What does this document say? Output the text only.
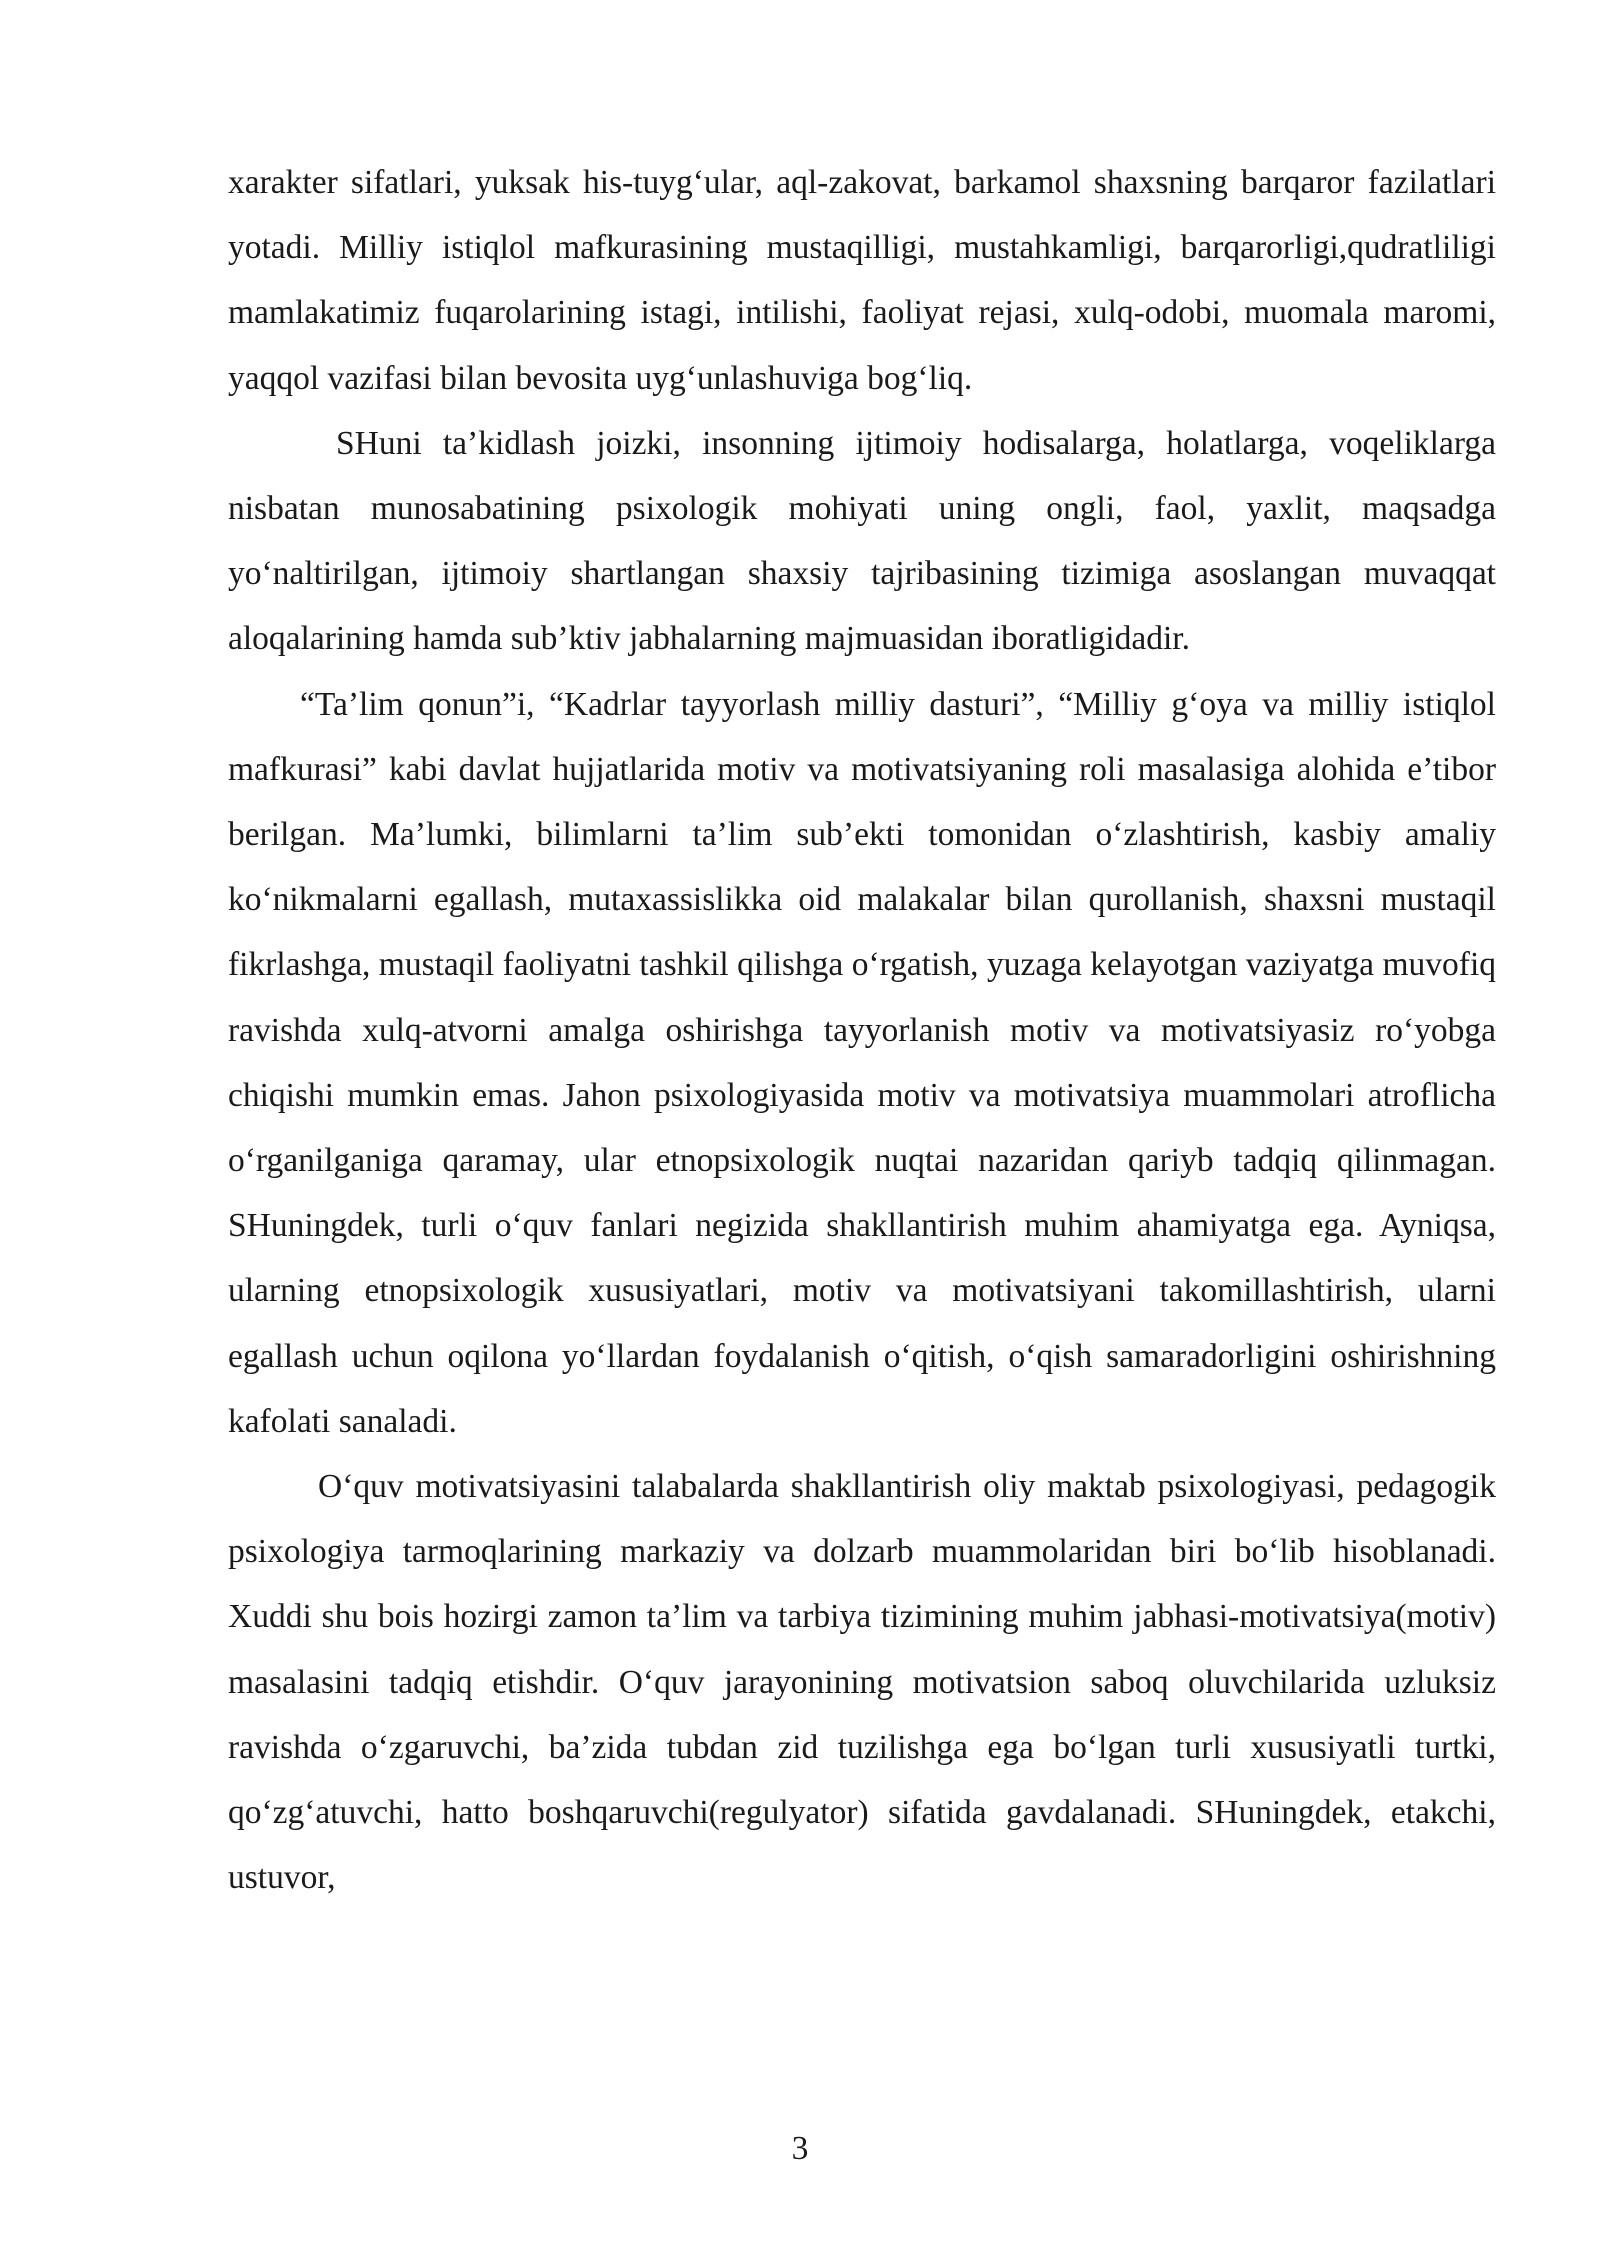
xarakter sifatlari, yuksak his-tuyg‘ular, aql-zakovat, barkamol shaxsning barqaror fazilatlari yotadi. Milliy istiqlol mafkurasining mustaqilligi, mustahkamligi, barqarorligi,qudratliligi mamlakatimiz fuqarolarining istagi, intilishi, faoliyat rejasi, xulq-odobi, muomala maromi, yaqqol vazifasi bilan bevosita uyg‘unlashuviga bog‘liq.

SHuni ta’kidlash joizki, insonning ijtimoiy hodisalarga, holatlarga, voqeliklarga nisbatan munosabatining psixologik mohiyati uning ongli, faol, yaxlit, maqsadga yo‘naltirilgan, ijtimoiy shartlangan shaxsiy tajribasining tizimiga asoslangan muvaqqat aloqalarining hamda sub’ktiv jabhalarning majmuasidan iboratligidadir.

“Ta’lim qonun”i, “Kadrlar tayyorlash milliy dasturi”, “Milliy g‘oya va milliy istiqlol mafkurasi” kabi davlat hujjatlarida motiv va motivatsiyaning roli masalasiga alohida e’tibor berilgan. Ma’lumki, bilimlarni ta’lim sub’ekti tomonidan o‘zlashtirish, kasbiy amaliy ko‘nikmalarni egallash, mutaxassislikka oid malakalar bilan qurollanish, shaxsni mustaqil fikrlashga, mustaqil faoliyatni tashkil qilishga o‘rgatish, yuzaga kelayotgan vaziyatga muvofiq ravishda xulq-atvorni amalga oshirishga tayyorlanish motiv va motivatsiyasiz ro‘yobga chiqishi mumkin emas. Jahon psixologiyasida motiv va motivatsiya muammolari atroflicha o‘rganilganiga qaramay, ular etnopsixologik nuqtai nazaridan qariyb tadqiq qilinmagan. SHuningdek, turli o‘quv fanlari negizida shakllantirish muhim ahamiyatga ega. Ayniqsa, ularning etnopsixologik xususiyatlari, motiv va motivatsiyani takomillashtirish, ularni egallash uchun oqilona yo‘llardan foydalanish o‘qitish, o‘qish samaradorligini oshirishning kafolati sanaladi.

O‘quv motivatsiyasini talabalarda shakllantirish oliy maktab psixologiyasi, pedagogik psixologiya tarmoqlarining markaziy va dolzarb muammolaridan biri bo‘lib hisoblanadi. Xuddi shu bois hozirgi zamon ta’lim va tarbiya tizimining muhim jabhasi-motivatsiya(motiv) masalasini tadqiq etishdir. O‘quv jarayonining motivatsion saboq oluvchilarida uzluksiz ravishda o‘zgaruvchi, ba’zida tubdan zid tuzilishga ega bo‘lgan turli xususiyatli turtki, qo‘zg‘atuvchi, hatto boshqaruvchi(regulyator) sifatida gavdalanadi. SHuningdek, etakchi, ustuvor,

3
